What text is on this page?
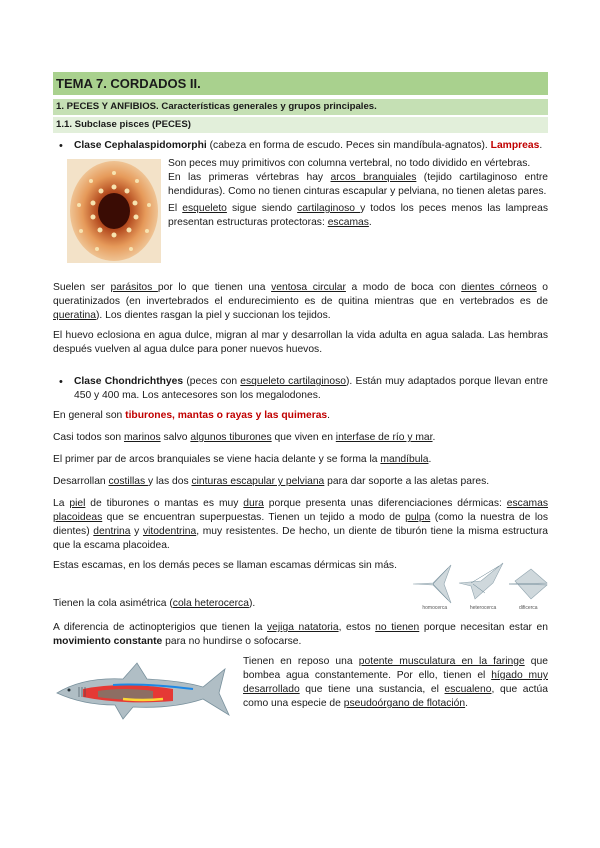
TEMA 7. CORDADOS II.
1. PECES Y ANFIBIOS. Características generales y grupos principales.
1.1. Subclase pisces (PECES)

• Clase Cephalaspidomorphi (cabeza en forma de escudo. Peces sin mandíbula-agnatos). Lampreas.

Son peces muy primitivos con columna vertebral, no todo dividido en vértebras.

En las primeras vértebras hay arcos branquiales (tejido cartilaginoso entre hendiduras). Como no tienen cinturas escapular y pelviana, no tienen aletas pares.

El esqueleto sigue siendo cartilaginoso y todos los peces menos las lampreas presentan estructuras protectoras: escamas.

Suelen ser parásitos por lo que tienen una ventosa circular a modo de boca con dientes córneos o queratinizados (en invertebrados el endurecimiento es de quitina mientras que en vertebrados es de queratina). Los dientes rasgan la piel y succionan los tejidos.

El huevo eclosiona en agua dulce, migran al mar y desarrollan la vida adulta en agua salada. Las hembras después vuelven al agua dulce para poner nuevos huevos.

• Clase Chondrichthyes (peces con esqueleto cartilaginoso). Están muy adaptados porque llevan entre 450 y 400 ma. Los antecesores son los megalodones.

En general son tiburones, mantas o rayas y las quimeras.

Casi todos son marinos salvo algunos tiburones que viven en interfase de río y mar.

El primer par de arcos branquiales se viene hacia delante y se forma la mandíbula.

Desarrollan costillas y las dos cinturas escapular y pelviana para dar soporte a las aletas pares.

La piel de tiburones o mantas es muy dura porque presenta unas diferenciaciones dérmicas: escamas placoideas que se encuentran superpuestas. Tienen un tejido a modo de pulpa (como la nuestra de los dientes) dentrina y vitodentrina, muy resistentes. De hecho, un diente de tiburón tiene la misma estructura que la escama placoidea.

Estas escamas, en los demás peces se llaman escamas dérmicas sin más.

Tienen la cola asimétrica (cola heterocerca).	homocerca	heterocerca	dificerca

A diferencia de actinopterigios que tienen la vejiga natatoria, estos no tienen porque necesitan estar en movimiento constante para no hundirse o sofocarse.

Tienen en reposo una potente musculatura en la faringe que bombea agua constantemente. Por ello, tienen el hígado muy desarrollado que tiene una sustancia, el escualeno, que actúa como una especie de pseudoórgano de flotación.
